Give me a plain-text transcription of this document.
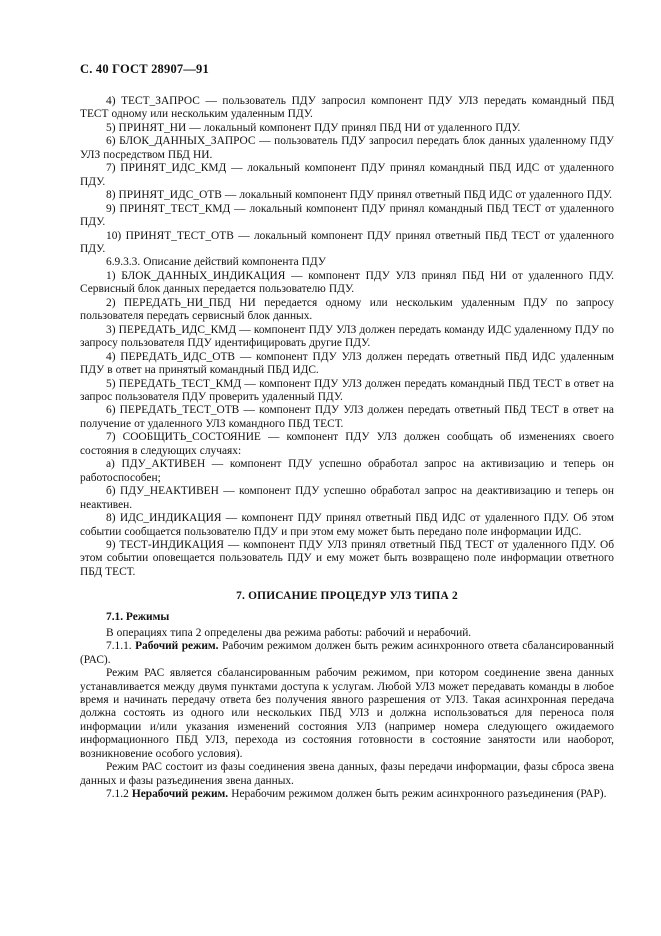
С. 40 ГОСТ 28907—91

4) ТЕСТ_ЗАПРОС — пользователь ПДУ запросил компонент ПДУ УЛЗ передать командный ПБД ТЕСТ одному или нескольким удаленным ПДУ.

5) ПРИНЯТ_НИ — локальный компонент ПДУ принял ПБД НИ от удаленного ПДУ.

6) БЛОК_ДАННЫХ_ЗАПРОС — пользователь ПДУ запросил передать блок данных удаленному ПДУ УЛЗ посредством ПБД НИ.

7) ПРИНЯТ_ИДС_КМД — локальный компонент ПДУ принял командный ПБД ИДС от удаленного ПДУ.

8) ПРИНЯТ_ИДС_ОТВ — локальный компонент ПДУ принял ответный ПБД ИДС от удаленного ПДУ.

9) ПРИНЯТ_ТЕСТ_КМД — локальный компонент ПДУ принял командный ПБД ТЕСТ от удаленного ПДУ.

10) ПРИНЯТ_ТЕСТ_ОТВ — локальный компонент ПДУ принял ответный ПБД ТЕСТ от удаленного ПДУ.

6.9.3.3. Описание действий компонента ПДУ

1) БЛОК_ДАННЫХ_ИНДИКАЦИЯ — компонент ПДУ УЛЗ принял ПБД НИ от удаленного ПДУ. Сервисный блок данных передается пользователю ПДУ.

2) ПЕРЕДАТЬ_НИ_ПБД НИ передается одному или нескольким удаленным ПДУ по запросу пользователя передать сервисный блок данных.

3) ПЕРЕДАТЬ_ИДС_КМД — компонент ПДУ УЛЗ должен передать команду ИДС удаленному ПДУ по запросу пользователя ПДУ идентифицировать другие ПДУ.

4) ПЕРЕДАТЬ_ИДС_ОТВ — компонент ПДУ УЛЗ должен передать ответный ПБД ИДС удаленным ПДУ в ответ на принятый командный ПБД ИДС.

5) ПЕРЕДАТЬ_ТЕСТ_КМД — компонент ПДУ УЛЗ должен передать командный ПБД ТЕСТ в ответ на запрос пользователя ПДУ проверить удаленный ПДУ.

6) ПЕРЕДАТЬ_ТЕСТ_ОТВ — компонент ПДУ УЛЗ должен передать ответный ПБД ТЕСТ в ответ на получение от удаленного УЛЗ командного ПБД ТЕСТ.

7) СООБЩИТЬ_СОСТОЯНИЕ — компонент ПДУ УЛЗ должен сообщать об изменениях своего состояния в следующих случаях:

а) ПДУ_АКТИВЕН — компонент ПДУ успешно обработал запрос на активизацию и теперь он работоспособен;

б) ПДУ_НЕАКТИВЕН — компонент ПДУ успешно обработал запрос на деактивизацию и теперь он неактивен.

8) ИДС_ИНДИКАЦИЯ — компонент ПДУ принял ответный ПБД ИДС от удаленного ПДУ. Об этом событии сообщается пользователю ПДУ и при этом ему может быть передано поле информации ИДС.

9) ТЕСТ-ИНДИКАЦИЯ — компонент ПДУ УЛЗ принял ответный ПБД ТЕСТ от удаленного ПДУ. Об этом событии оповещается пользователь ПДУ и ему может быть возвращено поле информации ответного ПБД ТЕСТ.

7. ОПИСАНИЕ ПРОЦЕДУР УЛЗ ТИПА 2
7.1. Режимы

В операциях типа 2 определены два режима работы: рабочий и нерабочий.

7.1.1. Рабочий режим. Рабочим режимом должен быть режим асинхронного ответа сбалансированный (РАС).

Режим РАС является сбалансированным рабочим режимом, при котором соединение звена данных устанавливается между двумя пунктами доступа к услугам. Любой УЛЗ может передавать команды в любое время и начинать передачу ответа без получения явного разрешения от УЛЗ. Такая асинхронная передача должна состоять из одного или нескольких ПБД УЛЗ и должна использоваться для переноса поля информации и/или указания изменений состояния УЛЗ (например номера следующего ожидаемого информационного ПБД УЛЗ, перехода из состояния готовности в состояние занятости или наоборот, возникновение особого условия).

Режим РАС состоит из фазы соединения звена данных, фазы передачи информации, фазы сброса звена данных и фазы разъединения звена данных.

7.1.2 Нерабочий режим. Нерабочим режимом должен быть режим асинхронного разъединения (РАР).
